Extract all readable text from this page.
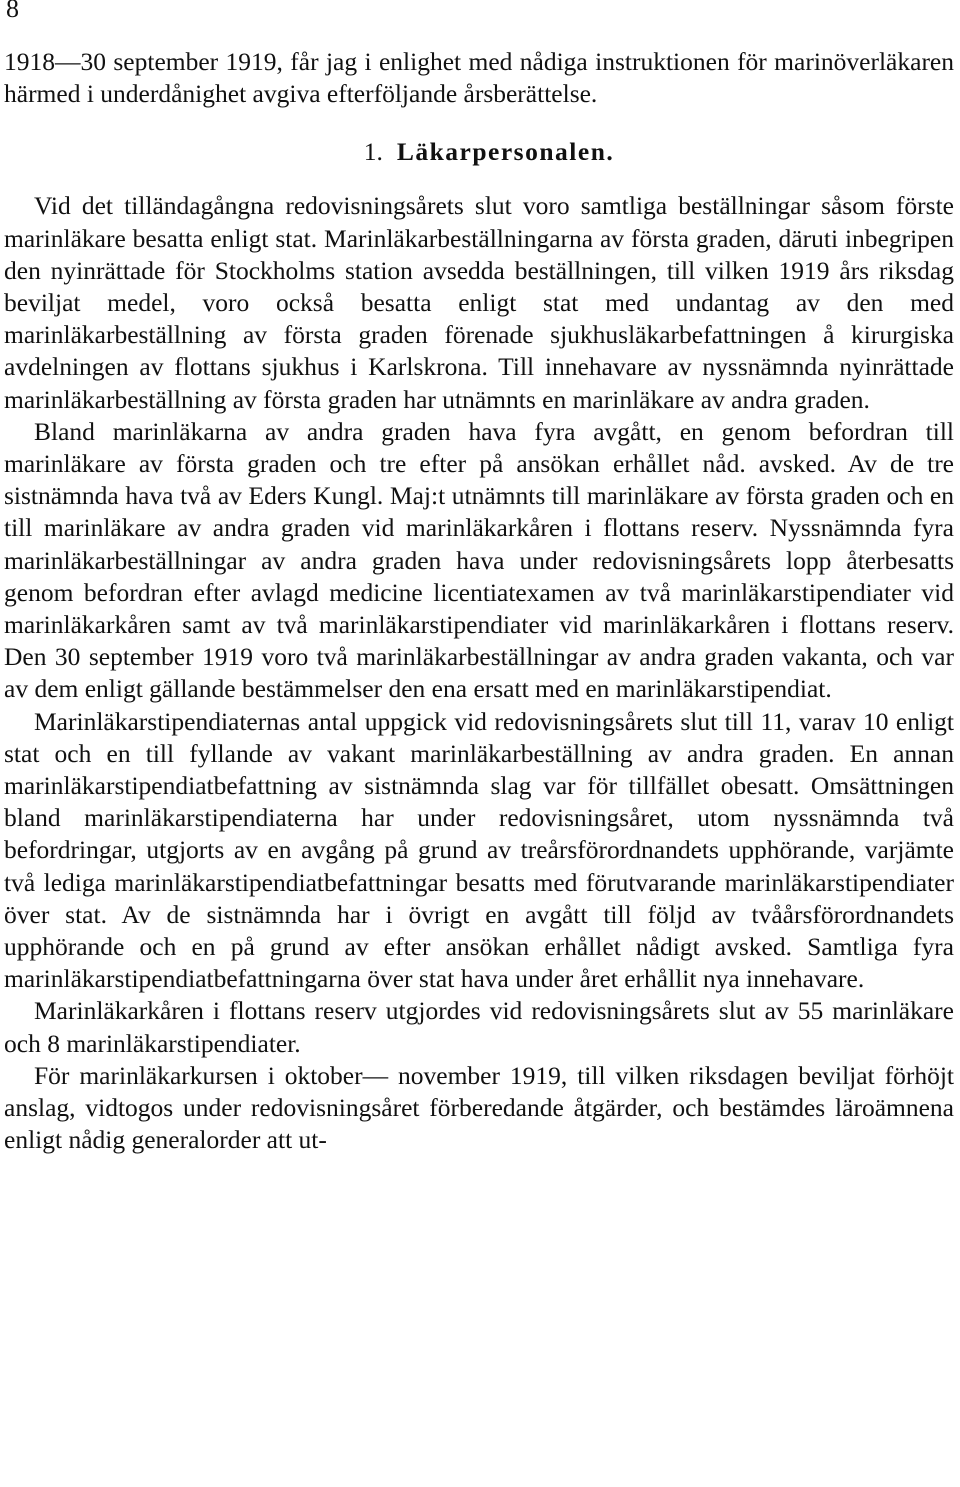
8

1918—30 september 1919, får jag i enlighet med nådiga instruktionen för marinöverläkaren härmed i underdånighet avgiva efterföljande årsberättelse.

1. Läkarpersonalen.

Vid det tilländagångna redovisningsårets slut voro samtliga beställningar såsom förste marinläkare besatta enligt stat. Marinläkarbeställningarna av första graden, däruti inbegripen den nyinrättade för Stockholms station avsedda beställningen, till vilken 1919 års riksdag beviljat medel, voro också besatta enligt stat med undantag av den med marinläkarbeställning av första graden förenade sjukhusläkarbefattningen å kirurgiska avdelningen av flottans sjukhus i Karlskrona. Till innehavare av nyssnämnda nyinrättade marinläkarbeställning av första graden har utnämnts en marinläkare av andra graden.

Bland marinläkarna av andra graden hava fyra avgått, en genom befordran till marinläkare av första graden och tre efter på ansökan erhållet nåd. avsked. Av de tre sistnämnda hava två av Eders Kungl. Maj:t utnämnts till marinläkare av första graden och en till marinläkare av andra graden vid marinläkarkåren i flottans reserv. Nyssnämnda fyra marinläkarbeställningar av andra graden hava under redovisningsårets lopp återbesatts genom befordran efter avlagd medicine licentiatexamen av två marinläkarstipendiater vid marinläkarkåren samt av två marinläkarstipendiater vid marinläkarkåren i flottans reserv. Den 30 september 1919 voro två marinläkarbeställningar av andra graden vakanta, och var av dem enligt gällande bestämmelser den ena ersatt med en marinläkarstipendiat.

Marinläkarstipendiaternas antal uppgick vid redovisningsårets slut till 11, varav 10 enligt stat och en till fyllande av vakant marinläkarbeställning av andra graden. En annan marinläkarstipendiatbefattning av sistnämnda slag var för tillfället obesatt. Omsättningen bland marinläkarstipendiaterna har under redovisningsåret, utom nyssnämnda två befordringar, utgjorts av en avgång på grund av treårsförordnandets upphörande, varjämte två lediga marinläkarstipendiatbefattningar besatts med förutvarande marinläkarstipendiater över stat. Av de sistnämnda har i övrigt en avgått till följd av tvåårsförordnandets upphörande och en på grund av efter ansökan erhållet nådigt avsked. Samtliga fyra marinläkarstipendiatbefattningarna över stat hava under året erhållit nya innehavare.

Marinläkarkåren i flottans reserv utgjordes vid redovisningsårets slut av 55 marinläkare och 8 marinläkarstipendiater.

För marinläkarkursen i oktober— november 1919, till vilken riksdagen beviljat förhöjt anslag, vidtogos under redovisningsåret förberedande åtgärder, och bestämdes läroämnena enligt nådig generalorder att ut-
